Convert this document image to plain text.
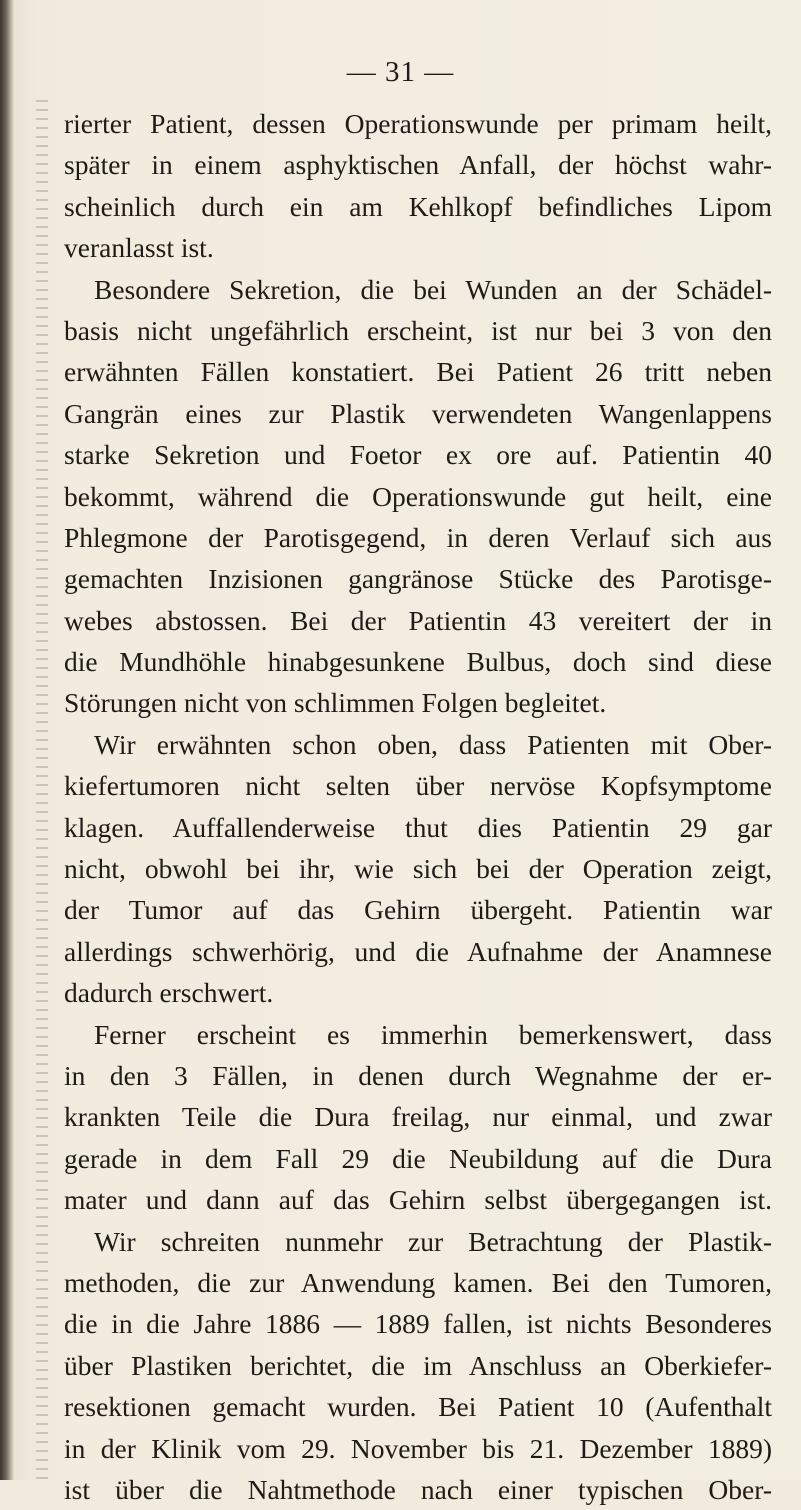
— 31 —
rierter Patient, dessen Operationswunde per primam heilt,
später in einem asphyktischen Anfall, der höchst wahr-
scheinlich durch ein am Kehlkopf befindliches Lipom
veranlasst ist.
Besondere Sekretion, die bei Wunden an der Schädel-
basis nicht ungefährlich erscheint, ist nur bei 3 von den
erwähnten Fällen konstatiert. Bei Patient 26 tritt neben
Gangrän eines zur Plastik verwendeten Wangenlappens
starke Sekretion und Foetor ex ore auf. Patientin 40
bekommt, während die Operationswunde gut heilt, eine
Phlegmone der Parotisgegend, in deren Verlauf sich aus
gemachten Inzisionen gangränose Stücke des Parotisge-
webes abstossen. Bei der Patientin 43 vereitert der in
die Mundhöhle hinabgesunkene Bulbus, doch sind diese
Störungen nicht von schlimmen Folgen begleitet.
Wir erwähnten schon oben, dass Patienten mit Ober-
kiefertumoren nicht selten über nervöse Kopfsymptome
klagen. Auffallenderweise thut dies Patientin 29 gar
nicht, obwohl bei ihr, wie sich bei der Operation zeigt,
der Tumor auf das Gehirn übergeht. Patientin war
allerdings schwerhörig, und die Aufnahme der Anamnese
dadurch erschwert.
Ferner erscheint es immerhin bemerkenswert, dass
in den 3 Fällen, in denen durch Wegnahme der er-
krankten Teile die Dura freilag, nur einmal, und zwar
gerade in dem Fall 29 die Neubildung auf die Dura
mater und dann auf das Gehirn selbst übergegangen ist.
Wir schreiten nunmehr zur Betrachtung der Plastik-
methoden, die zur Anwendung kamen. Bei den Tumoren,
die in die Jahre 1886 — 1889 fallen, ist nichts Besonderes
über Plastiken berichtet, die im Anschluss an Oberkiefer-
resektionen gemacht wurden. Bei Patient 10 (Aufenthalt
in der Klinik vom 29. November bis 21. Dezember 1889)
ist über die Nahtmethode nach einer typischen Ober-
